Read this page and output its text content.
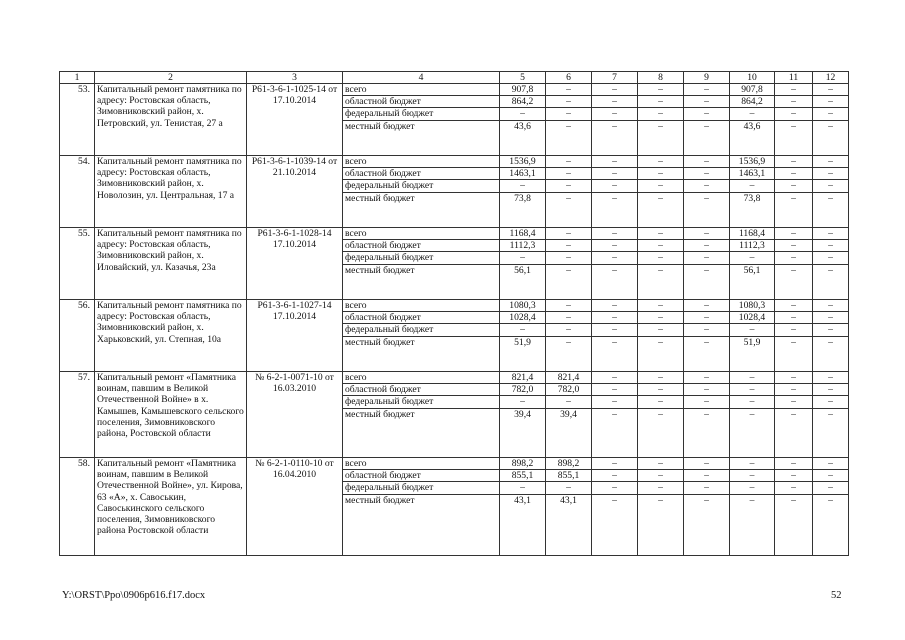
1	2	3	4	5	6	7	8	9	10	11	12
53.	Капитальный ремонт памятника по адресу: Ростовская область, Зимовниковский район, х. Петровский, ул. Тенистая, 27 а	Р61-3-6-1-1025-14 от 17.10.2014	всего	907,8	–	–	–	–	907,8	–	–
			областной бюджет	864,2	–	–	–	–	864,2	–	–
			федеральный бюджет	–	–	–	–	–	–	–	–
			местный бюджет	43,6	–	–	–	–	43,6	–	–

54.	Капитальный ремонт памятника по адресу: Ростовская область, Зимовниковский район, х. Новолозин, ул. Центральная, 17 а	Р61-3-6-1-1039-14 от 21.10.2014	всего	1536,9	–	–	–	–	1536,9	–	–
			областной бюджет	1463,1	–	–	–	–	1463,1	–	–
			федеральный бюджет	–	–	–	–	–	–	–	–
			местный бюджет	73,8	–	–	–	–	73,8	–	–

55.	Капитальный ремонт памятника по адресу: Ростовская область, Зимовниковский район, х. Иловайский, ул. Казачья, 23а	Р61-3-6-1-1028-14 17.10.2014	всего	1168,4	–	–	–	–	1168,4	–	–
			областной бюджет	1112,3	–	–	–	–	1112,3	–	–
			федеральный бюджет	–	–	–	–	–	–	–	–
			местный бюджет	56,1	–	–	–	–	56,1	–	–

56.	Капитальный ремонт памятника по адресу: Ростовская область, Зимовниковский район, х. Харьковский, ул. Степная, 10а	Р61-3-6-1-1027-14 17.10.2014	всего	1080,3	–	–	–	–	1080,3	–	–
			областной бюджет	1028,4	–	–	–	–	1028,4	–	–
			федеральный бюджет	–	–	–	–	–	–	–	–
			местный бюджет	51,9	–	–	–	–	51,9	–	–

57.	Капитальный ремонт «Памятника воинам, павшим в Великой Отечественной Войне» в х. Камышев, Камышевского сельского поселения, Зимовниковского района, Ростовской области	№ 6-2-1-0071-10 от 16.03.2010	всего	821,4	821,4	–	–	–	–	–	–
			областной бюджет	782,0	782,0	–	–	–	–	–	–
			федеральный бюджет	–	–	–	–	–	–	–	–
			местный бюджет	39,4	39,4	–	–	–	–	–	–

58.	Капитальный ремонт «Памятника воинам, павшим в Великой Отечественной Войне», ул. Кирова, 63 «А», х. Савоськин, Савоськинского сельского поселения, Зимовниковского района Ростовской области	№ 6-2-1-0110-10 от 16.04.2010	всего	898,2	898,2	–	–	–	–	–	–
			областной бюджет	855,1	855,1	–	–	–	–	–	–
			федеральный бюджет	–	–	–	–	–	–	–	–
			местный бюджет	43,1	43,1	–	–	–	–	–	–

Y:\ORST\Ppo\0906p616.f17.docx	52
